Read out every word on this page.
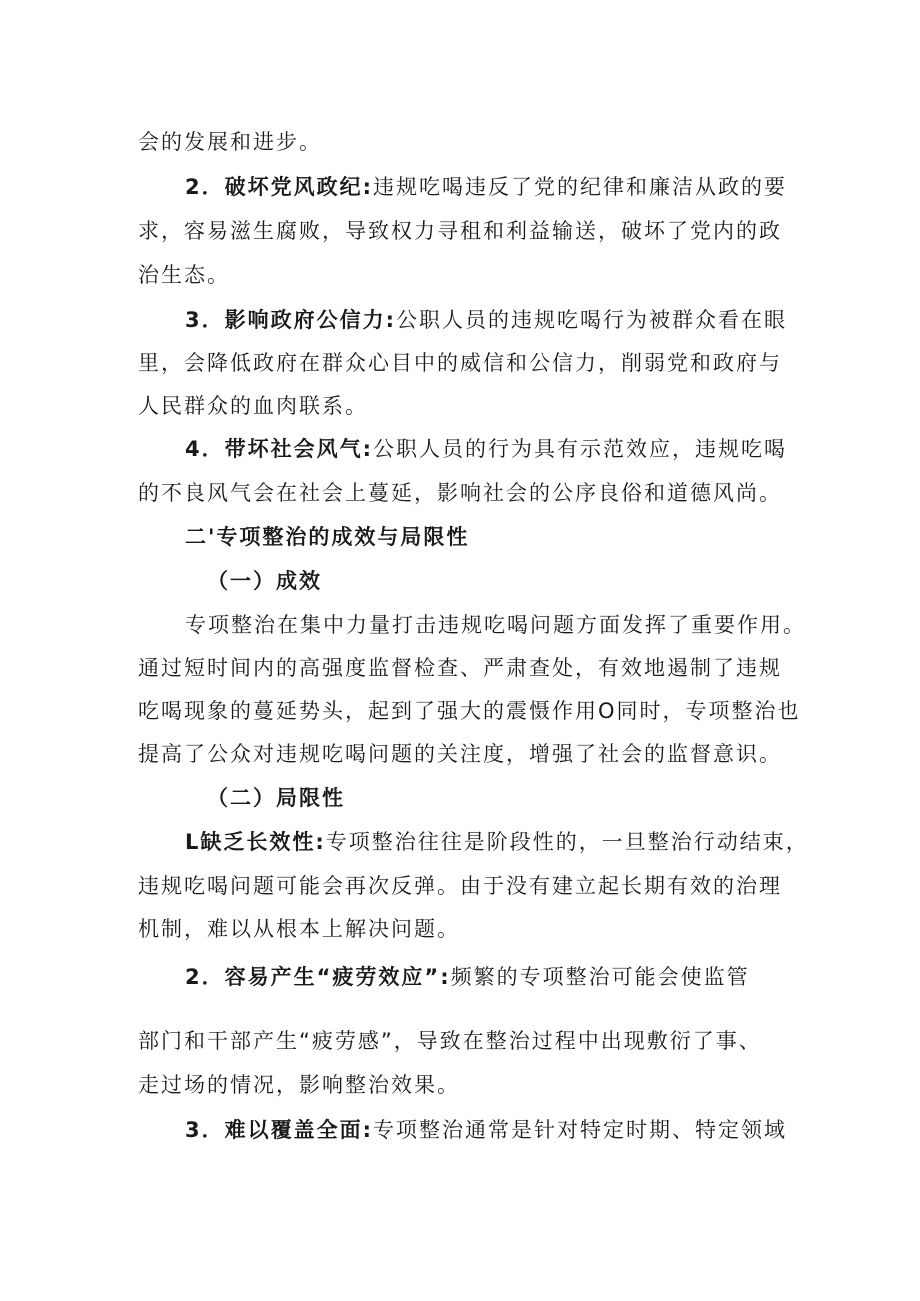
会的发展和进步。
2．破坏党风政纪:违规吃喝违反了党的纪律和廉洁从政的要
求，容易滋生腐败，导致权力寻租和利益输送，破坏了党内的政
治生态。
3．影响政府公信力:公职人员的违规吃喝行为被群众看在眼
里，会降低政府在群众心目中的威信和公信力，削弱党和政府与
人民群众的血肉联系。
4．带坏社会风气:公职人员的行为具有示范效应，违规吃喝
的不良风气会在社会上蔓延，影响社会的公序良俗和道德风尚。
二'专项整治的成效与局限性
（一）成效
专项整治在集中力量打击违规吃喝问题方面发挥了重要作用。
通过短时间内的高强度监督检查、严肃查处，有效地遏制了违规
吃喝现象的蔓延势头，起到了强大的震慑作用O同时，专项整治也
提高了公众对违规吃喝问题的关注度，增强了社会的监督意识。
（二）局限性
L缺乏长效性:专项整治往往是阶段性的，一旦整治行动结束，
违规吃喝问题可能会再次反弹。由于没有建立起长期有效的治理
机制，难以从根本上解决问题。
2．容易产生“疲劳效应”:频繁的专项整治可能会使监管
部门和干部产生“疲劳感”，导致在整治过程中出现敷衍了事、
走过场的情况，影响整治效果。
3．难以覆盖全面:专项整治通常是针对特定时期、特定领域
